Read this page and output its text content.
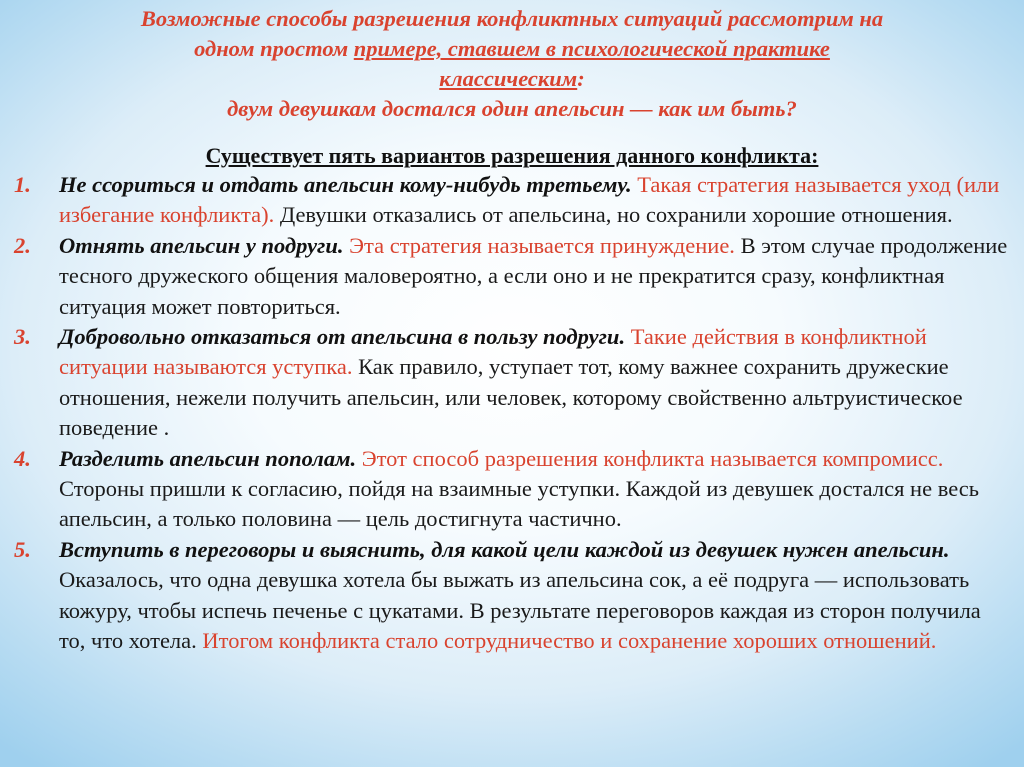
Возможные способы разрешения конфликтных ситуаций рассмотрим на
одном простом примере, ставшем в психологической практике
классическим:
двум девушкам достался один апельсин — как им быть?
Существует пять вариантов разрешения данного конфликта:
1. Не ссориться и отдать апельсин кому-нибудь третьему. Такая стратегия называется уход (или избегание конфликта). Девушки отказались от апельсина, но сохранили хорошие отношения.
2. Отнять апельсин у подруги. Эта стратегия называется принуждение. В этом случае продолжение тесного дружеского общения маловероятно, а если оно и не прекратится сразу, конфликтная ситуация может повториться.
3. Добровольно отказаться от апельсина в пользу подруги. Такие действия в конфликтной ситуации называются уступка. Как правило, уступает тот, кому важнее сохранить дружеские отношения, нежели получить апельсин, или человек, которому свойственно альтруистическое поведение .
4. Разделить апельсин пополам. Этот способ разрешения конфликта называется компромисс. Стороны пришли к согласию, пойдя на взаимные уступки. Каждой из девушек достался не весь апельсин, а только половина — цель достигнута частично.
5. Вступить в переговоры и выяснить, для какой цели каждой из девушек нужен апельсин. Оказалось, что одна девушка хотела бы выжать из апельсина сок, а её подруга — использовать кожуру, чтобы испечь печенье с цукатами. В результате переговоров каждая из сторон получила то, что хотела. Итогом конфликта стало сотрудничество и сохранение хороших отношений.
